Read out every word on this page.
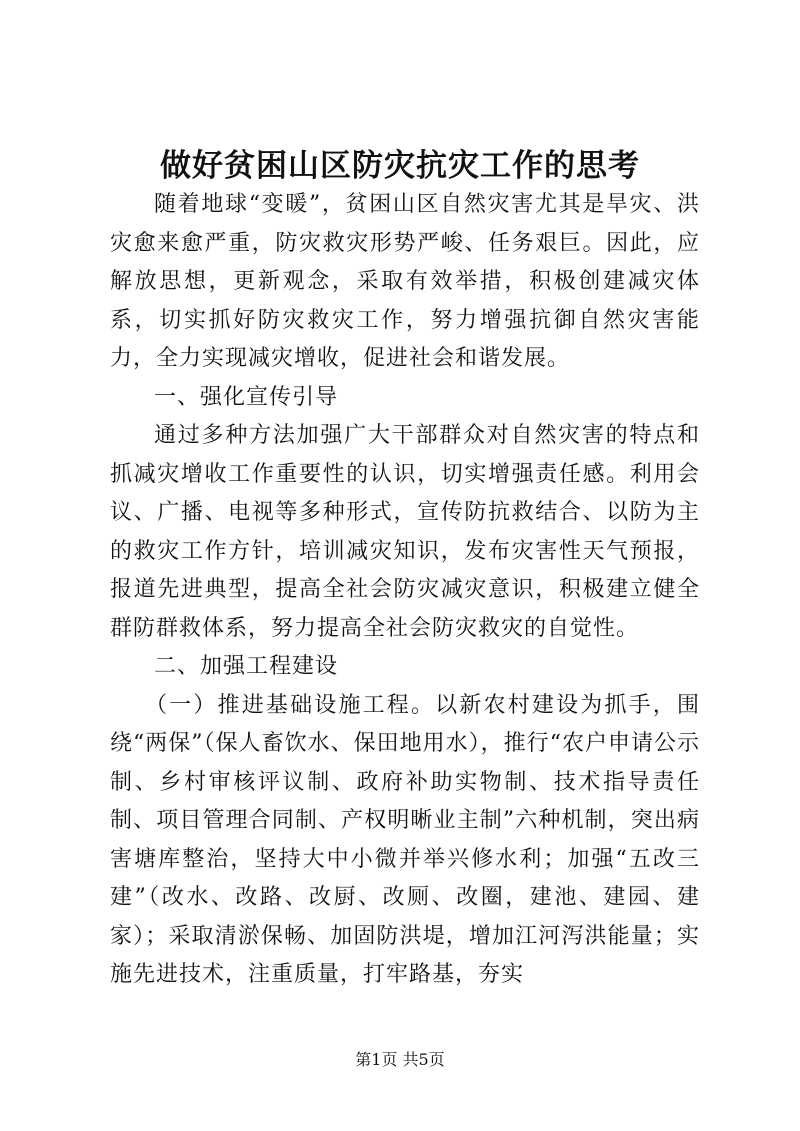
做好贫困山区防灾抗灾工作的思考

随着地球“变暖”，贫困山区自然灾害尤其是旱灾、洪灾愈来愈严重，防灾救灾形势严峻、任务艰巨。因此，应解放思想，更新观念，采取有效举措，积极创建减灾体系，切实抓好防灾救灾工作，努力增强抗御自然灾害能力，全力实现减灾增收，促进社会和谐发展。

一、强化宣传引导

通过多种方法加强广大干部群众对自然灾害的特点和抓减灾增收工作重要性的认识，切实增强责任感。利用会议、广播、电视等多种形式，宣传防抗救结合、以防为主的救灾工作方针，培训减灾知识，发布灾害性天气预报，报道先进典型，提高全社会防灾减灾意识，积极建立健全群防群救体系，努力提高全社会防灾救灾的自觉性。

二、加强工程建设

（一）推进基础设施工程。以新农村建设为抓手，围绕“两保”（保人畜饮水、保田地用水），推行“农户申请公示制、乡村审核评议制、政府补助实物制、技术指导责任制、项目管理合同制、产权明晰业主制”六种机制，突出病害塘库整治，坚持大中小微并举兴修水利；加强“五改三建”（改水、改路、改厨、改厕、改圈，建池、建园、建家）；采取清淤保畅、加固防洪堤，增加江河泻洪能量；实施先进技术，注重质量，打牢路基，夯实

第1页 共5页
